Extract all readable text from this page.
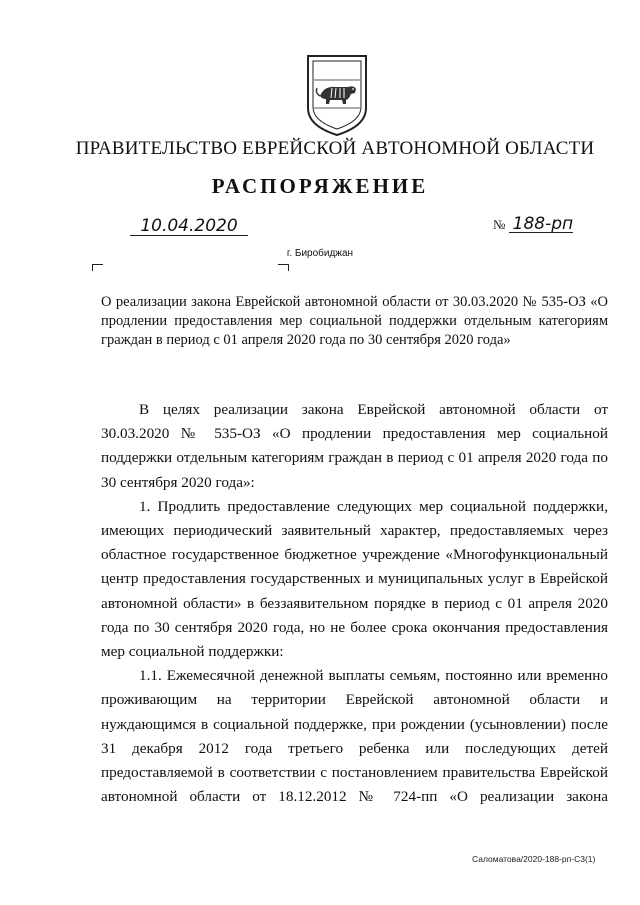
ПРАВИТЕЛЬСТВО ЕВРЕЙСКОЙ АВТОНОМНОЙ ОБЛАСТИ
РАСПОРЯЖЕНИЕ
10.04.2020	№ 188-рп
г. Биробиджан
О реализации закона Еврейской автономной области от 30.03.2020 № 535-ОЗ «О продлении предоставления мер социальной поддержки отдельным категориям граждан в период с 01 апреля 2020 года по 30 сентября 2020 года»

В целях реализации закона Еврейской автономной области от 30.03.2020 № 535-ОЗ «О продлении предоставления мер социальной поддержки отдельным категориям граждан в период с 01 апреля 2020 года по 30 сентября 2020 года»:

1. Продлить предоставление следующих мер социальной поддержки, имеющих периодический заявительный характер, предоставляемых через областное государственное бюджетное учреждение «Многофункциональный центр предоставления государственных и муниципальных услуг в Еврейской автономной области» в беззаявительном порядке в период с 01 апреля 2020 года по 30 сентября 2020 года, но не более срока окончания предоставления мер социальной поддержки:

1.1. Ежемесячной денежной выплаты семьям, постоянно или временно проживающим на территории Еврейской автономной области и нуждающимся в социальной поддержке, при рождении (усыновлении) после 31 декабря 2012 года третьего ребенка или последующих детей предоставляемой в соответствии с постановлением правительства Еврейской автономной области от 18.12.2012 № 724-пп «О реализации закона

Саломатова/2020-188-рп-С3(1)
